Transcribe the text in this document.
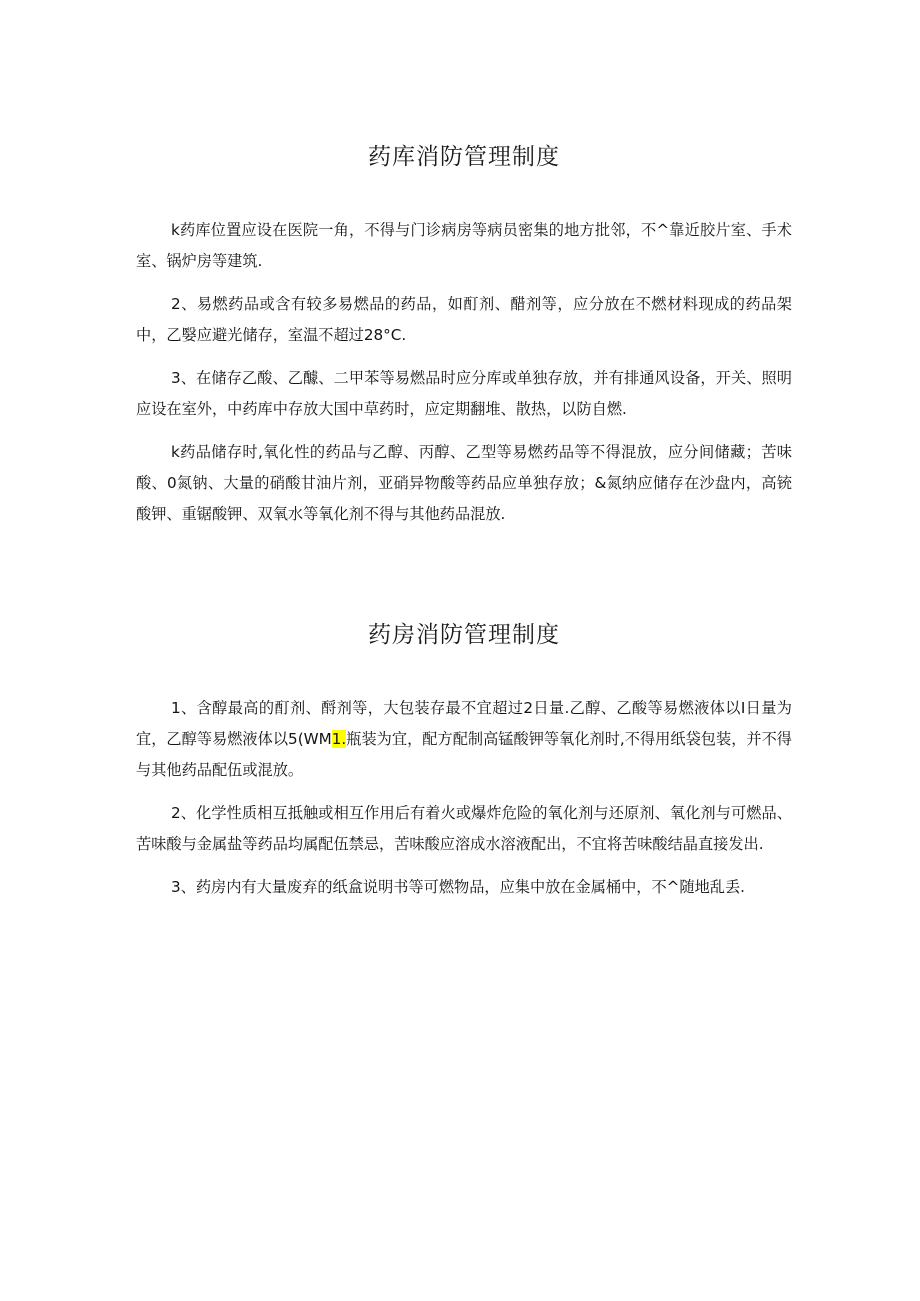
药库消防管理制度

k药库位置应设在医院一角，不得与门诊病房等病员密集的地方批邻，不^靠近胶片室、手术室、锅炉房等建筑.

2、易燃药品或含有较多易燃品的药品，如酊剂、醋剂等，应分放在不燃材料现成的药品架中，乙嫛应避光储存，室温不超过28°C.

3、在储存乙酸、乙醵、二甲苯等易燃品时应分库或单独存放，并有排通风设备，开关、照明应设在室外，中药库中存放大国中草药时，应定期翻堆、散热，以防自燃.

k药品储存时,氧化性的药品与乙醇、丙醇、乙型等易燃药品等不得混放，应分间储藏；苦味酸、0氮钠、大量的硝酸甘油片剂，亚硝异物酸等药品应单独存放；&氮纳应储存在沙盘内，高铳酸钾、重锯酸钾、双氧水等氧化剂不得与其他药品混放.

药房消防管理制度

1、含醇最高的酊剂、酹剂等，大包装存最不宜超过2日量.乙醇、乙酸等易燃液体以I日量为宜，乙醇等易燃液体以5(WM1.瓶装为宜，配方配制高锰酸钾等氧化剂时,不得用纸袋包装，并不得与其他药品配伍或混放。

2、化学性质相互抵触或相互作用后有着火或爆炸危险的氧化剂与还原剂、氧化剂与可燃品、苦味酸与金属盐等药品均属配伍禁忌，苦味酸应溶成水溶液配出，不宜将苦味酸结晶直接发出.

3、药房内有大量废弃的纸盒说明书等可燃物品，应集中放在金属桶中，不^随地乱丢.
